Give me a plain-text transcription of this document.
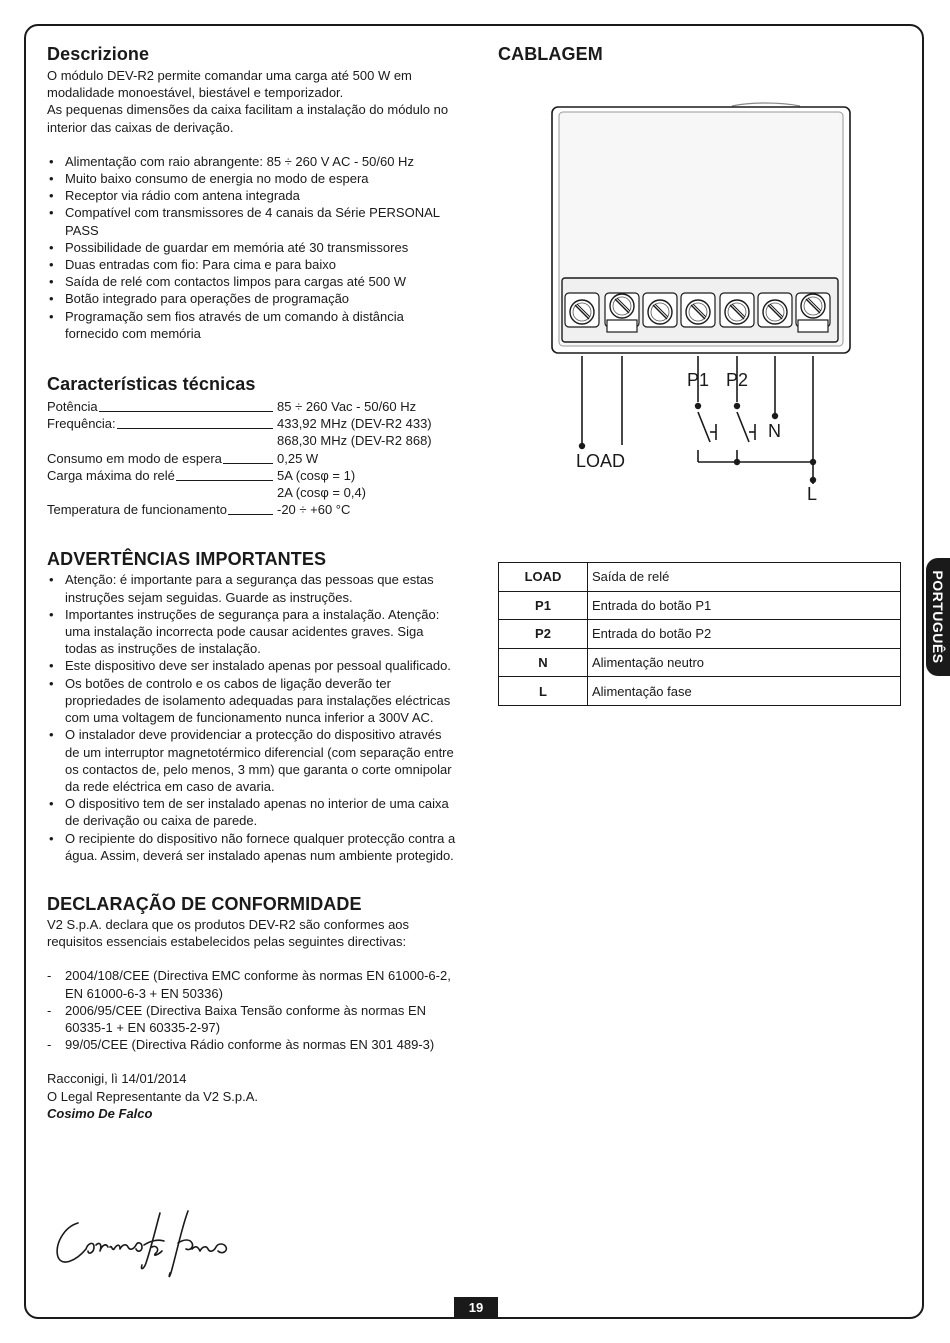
Descrizione

O módulo DEV-R2 permite comandar uma carga até 500 W em modalidade monoestável, biestável e temporizador.

As pequenas dimensões da caixa facilitam a instalação do módulo no interior das caixas de derivação.

• Alimentação com raio abrangente: 85 ÷ 260 V AC - 50/60 Hz
• Muito baixo consumo de energia no modo de espera
• Receptor via rádio com antena integrada
• Compatível com transmissores de 4 canais da Série PERSONAL PASS
• Possibilidade de guardar em memória até 30 transmissores
• Duas entradas com fio: Para cima e para baixo
• Saída de relé com contactos limpos para cargas até 500 W
• Botão integrado para operações de programação
• Programação sem fios através de um comando à distância fornecido com memória
Características técnicas
Potência	85 ÷ 260 Vac - 50/60 Hz
Frequência:	433,92 MHz (DEV-R2 433)
868,30 MHz (DEV-R2 868)
Consumo em modo de espera	0,25 W
Carga máxima do relé	5A (cosφ = 1)
2A (cosφ = 0,4)
Temperatura de funcionamento	-20 ÷ +60 °C
ADVERTÊNCIAS IMPORTANTES
• Atenção: é importante para a segurança das pessoas que estas instruções sejam seguidas. Guarde as instruções.
• Importantes instruções de segurança para a instalação. Atenção: uma instalação incorrecta pode causar acidentes graves. Siga todas as instruções de instalação.
• Este dispositivo deve ser instalado apenas por pessoal qualificado.
• Os botões de controlo e os cabos de ligação deverão ter propriedades de isolamento adequadas para instalações eléctricas com uma voltagem de funcionamento nunca inferior a 300V AC.
• O instalador deve providenciar a protecção do dispositivo através de um interruptor magnetotérmico diferencial (com separação entre os contactos de, pelo menos, 3 mm) que garanta o corte omnipolar da rede eléctrica em caso de avaria.
• O dispositivo tem de ser instalado apenas no interior de uma caixa de derivação ou caixa de parede.
• O recipiente do dispositivo não fornece qualquer protecção contra a água. Assim, deverá ser instalado apenas num ambiente protegido.
DECLARAÇÃO DE CONFORMIDADE

V2 S.p.A. declara que os produtos DEV-R2 são conformes aos requisitos essenciais estabelecidos pelas seguintes directivas:

- 2004/108/CEE (Directiva EMC conforme às normas EN 61000-6-2, EN 61000-6-3 + EN 50336)
- 2006/95/CEE (Directiva Baixa Tensão conforme às normas EN 60335-1 + EN 60335-2-97)
- 99/05/CEE (Directiva Rádio conforme às normas EN 301 489-3)

Racconigi, lì 14/01/2014

O Legal Representante da V2 S.p.A.

Cosimo De Falco

CABLAGEM
P1 P2
N
LOAD
L
LOAD	Saída de relé
P1	Entrada do botão P1
P2	Entrada do botão P2
N	Alimentação neutro
L	Alimentação fase
PORTUGUÊS
19
